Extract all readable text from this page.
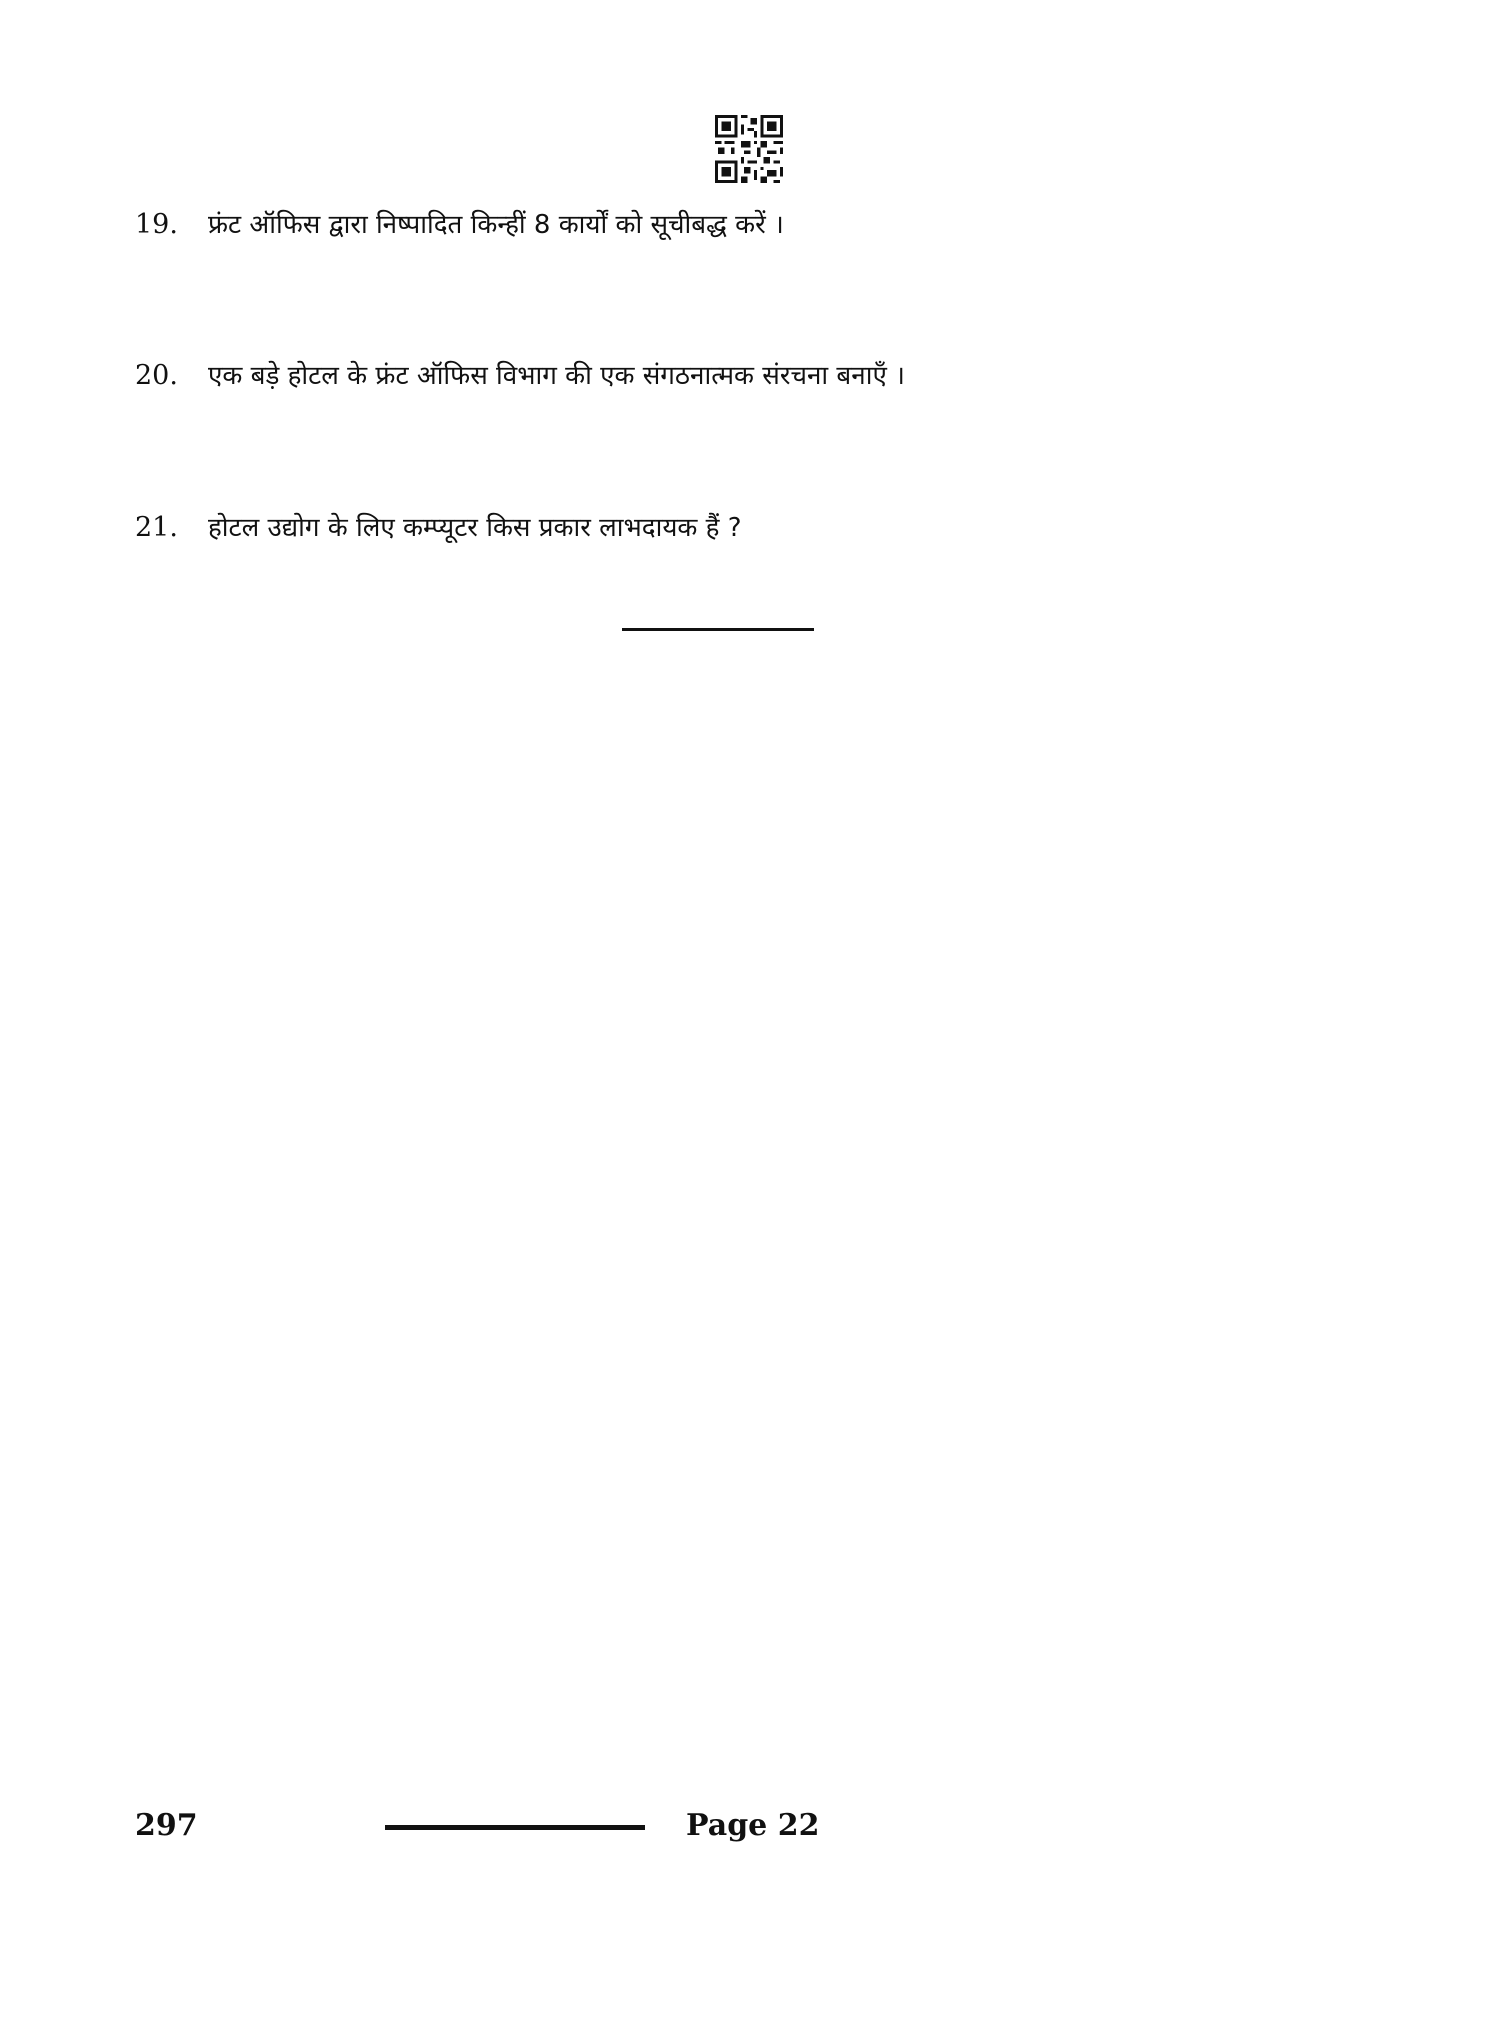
19.	फ्रंट ऑफिस द्वारा निष्पादित किन्हीं 8 कार्यों को सूचीबद्ध करें ।
20.	एक बड़े होटल के फ्रंट ऑफिस विभाग की एक संगठनात्मक संरचना बनाएँ ।
21.	होटल उद्योग के लिए कम्प्यूटर किस प्रकार लाभदायक हैं ?
297	Page 22
